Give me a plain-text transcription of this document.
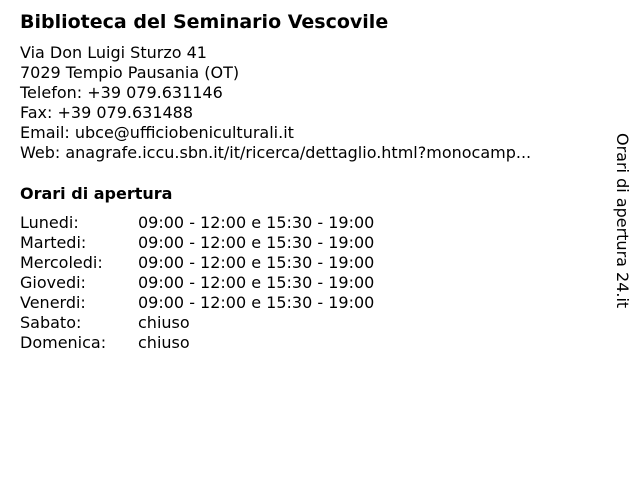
Biblioteca del Seminario Vescovile
Via Don Luigi Sturzo 41
7029 Tempio Pausania (OT)
Telefon: +39 079.631146
Fax: +39 079.631488
Email: ubce@ufficiobeniculturali.it
Web: anagrafe.iccu.sbn.it/it/ricerca/dettaglio.html?monocamp...
Orari di apertura
Lunedi:	09:00 - 12:00 e 15:30 - 19:00
Martedi:	09:00 - 12:00 e 15:30 - 19:00
Mercoledi: 09:00 - 12:00 e 15:30 - 19:00
Giovedi:	09:00 - 12:00 e 15:30 - 19:00
Venerdi:	09:00 - 12:00 e 15:30 - 19:00
Sabato:	chiuso
Domenica: chiuso
Orari di apertura 24.it
